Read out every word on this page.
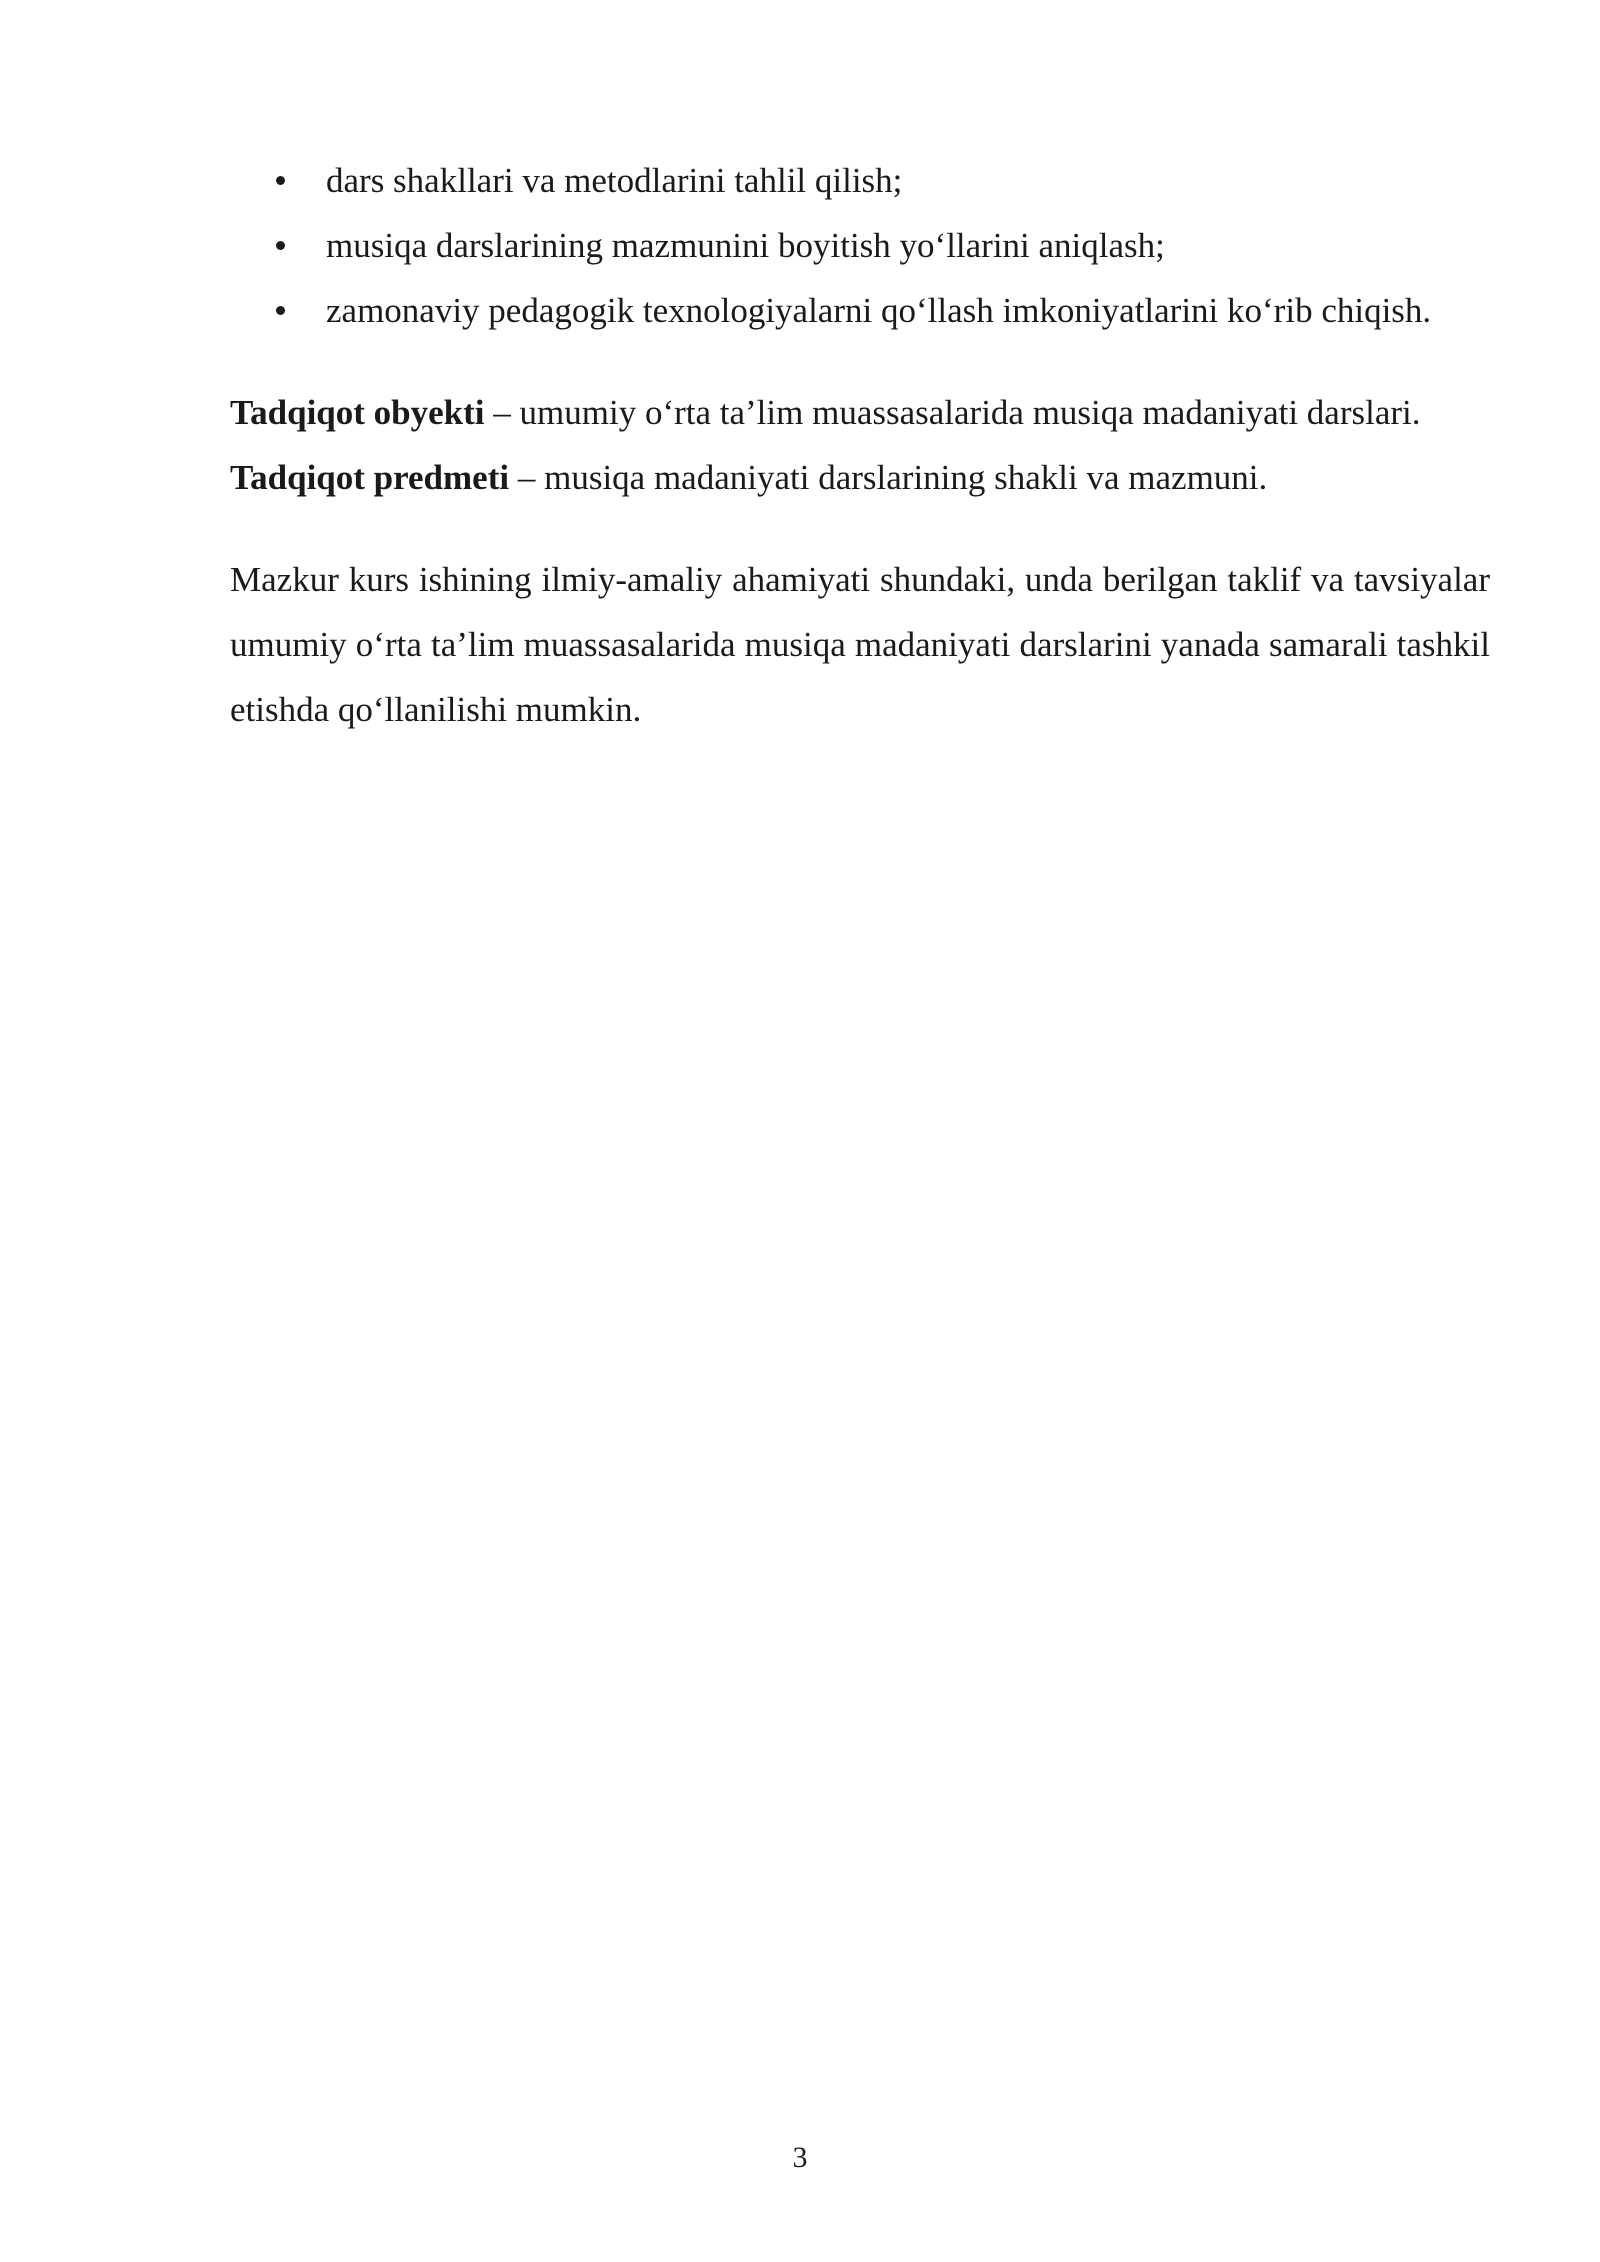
dars shakllari va metodlarini tahlil qilish;
musiqa darslarining mazmunini boyitish yo‘llarini aniqlash;
zamonaviy pedagogik texnologiyalarni qo‘llash imkoniyatlarini ko‘rib chiqish.

Tadqiqot obyekti – umumiy o‘rta ta’lim muassasalarida musiqa madaniyati darslari.

Tadqiqot predmeti – musiqa madaniyati darslarining shakli va mazmuni.

Mazkur kurs ishining ilmiy-amaliy ahamiyati shundaki, unda berilgan taklif va tavsiyalar umumiy o‘rta ta’lim muassasalarida musiqa madaniyati darslarini yanada samarali tashkil etishda qo‘llanilishi mumkin.

3
